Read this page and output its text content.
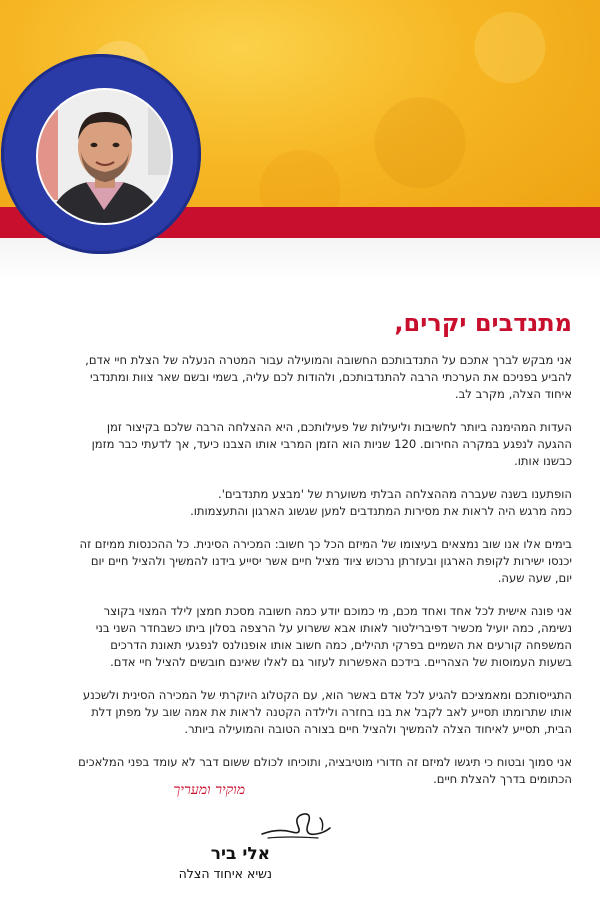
מתנדבים יקרים,

אני מבקש לברך אתכם על התנדבותכם החשובה והמועילה עבור המטרה הנעלה של הצלת חיי אדם,
להביע בפניכם את הערכתי הרבה להתנדבותכם, ולהודות לכם עליה, בשמי ובשם שאר צוות ומתנדבי
איחוד הצלה, מקרב לב.

העדות המהימנה ביותר לחשיבות וליעילות של פעילותכם, היא ההצלחה הרבה שלכם בקיצור זמן
ההגעה לנפגע במקרה החירום. 120 שניות הוא הזמן המרבי אותו הצבנו כיעד, אך לדעתי כבר מזמן
כבשנו אותו.

הופתענו בשנה שעברה מההצלחה הבלתי משוערת של 'מבצע מתנדבים'.
כמה מרגש היה לראות את מסירות המתנדבים למען שגשוג הארגון והתעצמותו.

בימים אלו אנו שוב נמצאים בעיצומו של המיזם הכל כך חשוב: המכירה הסינית. כל ההכנסות ממיזם זה
יכנסו ישירות לקופת הארגון ובעזרתן נרכוש ציוד מציל חיים אשר יסייע בידנו להמשיך ולהציל חיים יום
יום, שעה שעה.

אני פונה אישית לכל אחד ואחד מכם, מי כמוכם יודע כמה חשובה מסכת חמצן לילד המצוי בקוצר
נשימה, כמה יועיל מכשיר דפיברילטור לאותו אבא ששרוע על הרצפה בסלון ביתו כשבחדר השני בני
המשפחה קורעים את השמיים בפרקי תהילים, כמה חשוב אותו אופנולנס לנפגעי תאונת הדרכים
בשעות העמוסות של הצהריים. בידכם האפשרות לעזור גם לאלו שאינם חובשים להציל חיי אדם.

התגייסותכם ומאמציכם להגיע לכל אדם באשר הוא, עם הקטלוג היוקרתי של המכירה הסינית ולשכנע
אותו שתרומתו תסייע לאב לקבל את בנו בחזרה ולילדה הקטנה לראות את אמה שוב על מפתן דלת
הבית, תסייע לאיחוד הצלה להמשיך ולהציל חיים בצורה הטובה והמועילה ביותר.

אני סמוך ובטוח כי תיגשו למיזם זה חדורי מוטיבציה, ותוכיחו לכולם ששום דבר לא עומד בפני המלאכים
הכתומים בדרך להצלת חיים.

מוקיר ומעריך
אלי ביר
נשיא איחוד הצלה
